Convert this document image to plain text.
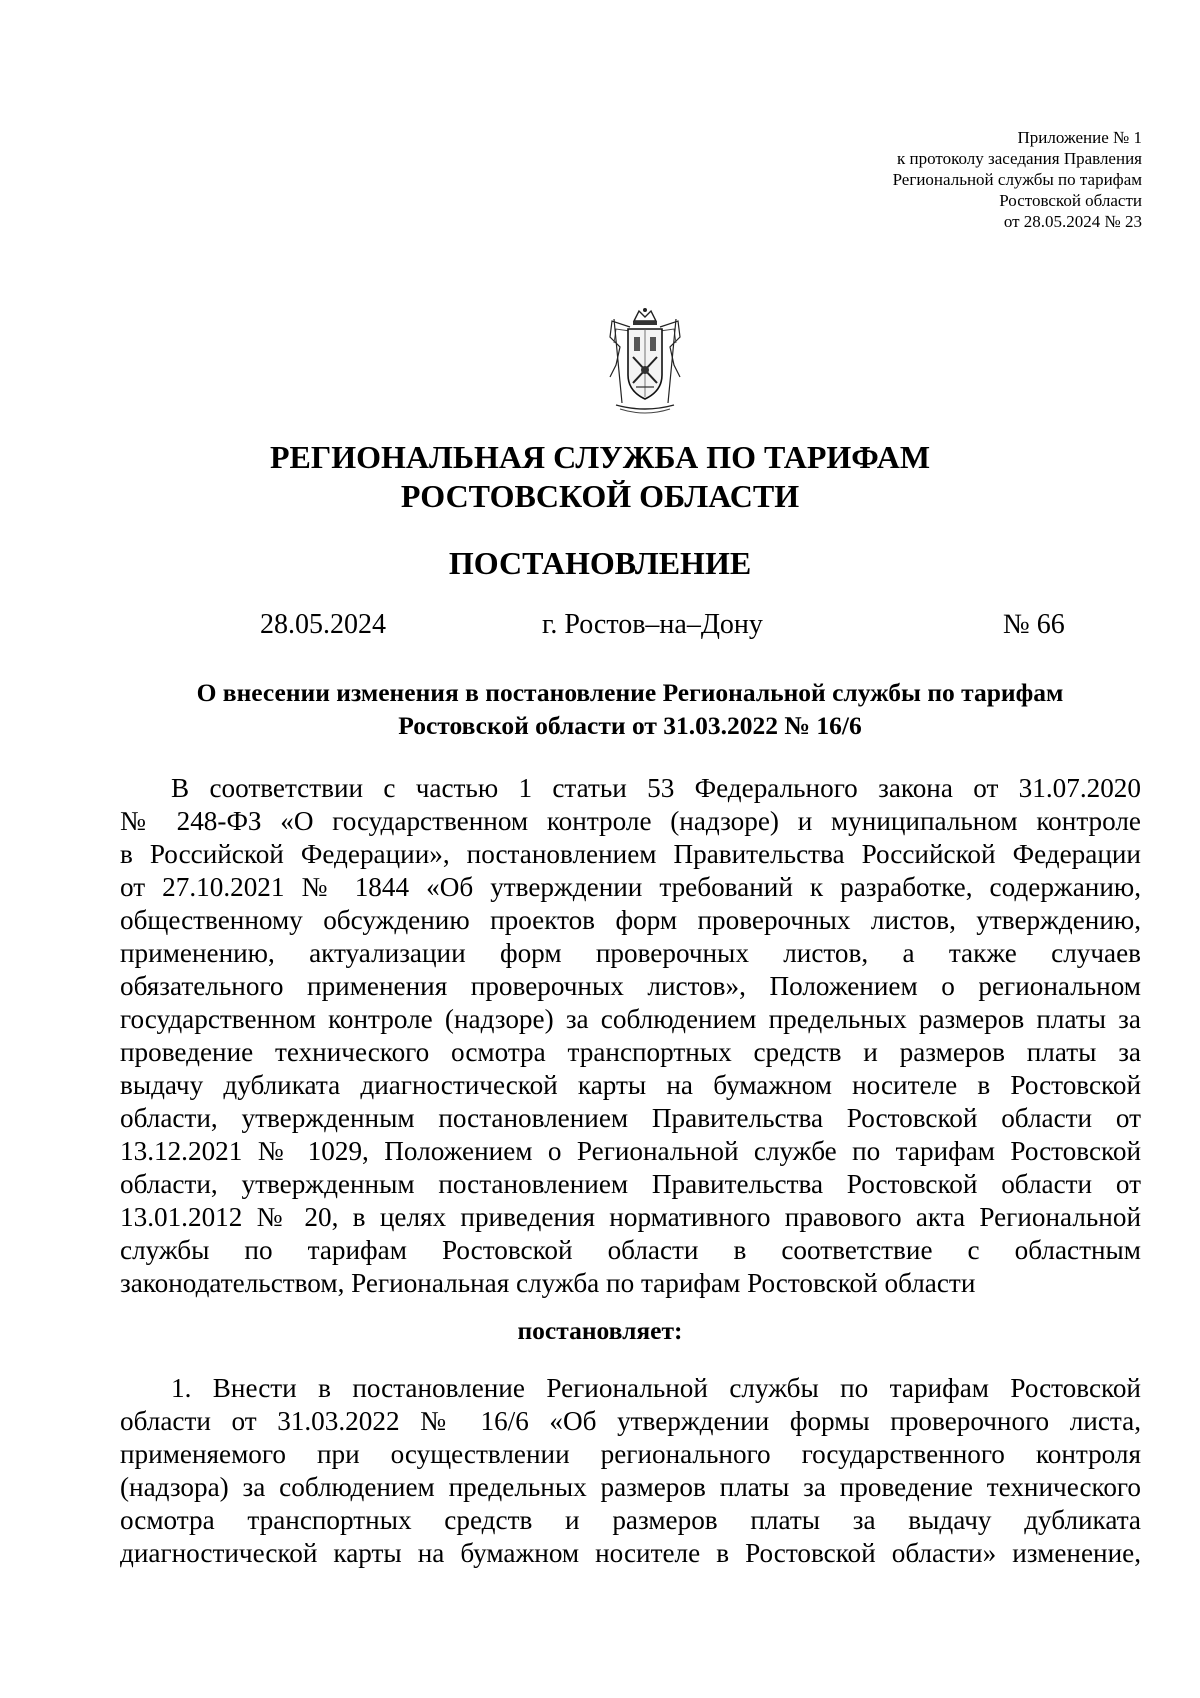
Приложение № 1
к протоколу заседания Правления
Региональной службы по тарифам
Ростовской области
от 28.05.2024 № 23
РЕГИОНАЛЬНАЯ СЛУЖБА ПО ТАРИФАМ
РОСТОВСКОЙ ОБЛАСТИ
ПОСТАНОВЛЕНИЕ
28.05.2024	г. Ростов–на–Дону	№ 66
О внесении изменения в постановление Региональной службы по тарифам
Ростовской области от 31.03.2022 № 16/6
В соответствии с частью 1 статьи 53 Федерального закона от 31.07.2020
№ 248-ФЗ «О государственном контроле (надзоре) и муниципальном контроле
в Российской Федерации», постановлением Правительства Российской Федерации
от 27.10.2021 № 1844 «Об утверждении требований к разработке, содержанию,
общественному обсуждению проектов форм проверочных листов, утверждению,
применению, актуализации форм проверочных листов, а также случаев
обязательного применения проверочных листов», Положением о региональном
государственном контроле (надзоре) за соблюдением предельных размеров платы за
проведение технического осмотра транспортных средств и размеров платы за
выдачу дубликата диагностической карты на бумажном носителе в Ростовской
области, утвержденным постановлением Правительства Ростовской области от
13.12.2021 № 1029, Положением о Региональной службе по тарифам Ростовской
области, утвержденным постановлением Правительства Ростовской области от
13.01.2012 № 20, в целях приведения нормативного правового акта Региональной
службы по тарифам Ростовской области в соответствие с областным
законодательством, Региональная служба по тарифам Ростовской области
постановляет:
1. Внести в постановление Региональной службы по тарифам Ростовской
области от 31.03.2022 № 16/6 «Об утверждении формы проверочного листа,
применяемого при осуществлении регионального государственного контроля
(надзора) за соблюдением предельных размеров платы за проведение технического
осмотра транспортных средств и размеров платы за выдачу дубликата
диагностической карты на бумажном носителе в Ростовской области» изменение,
